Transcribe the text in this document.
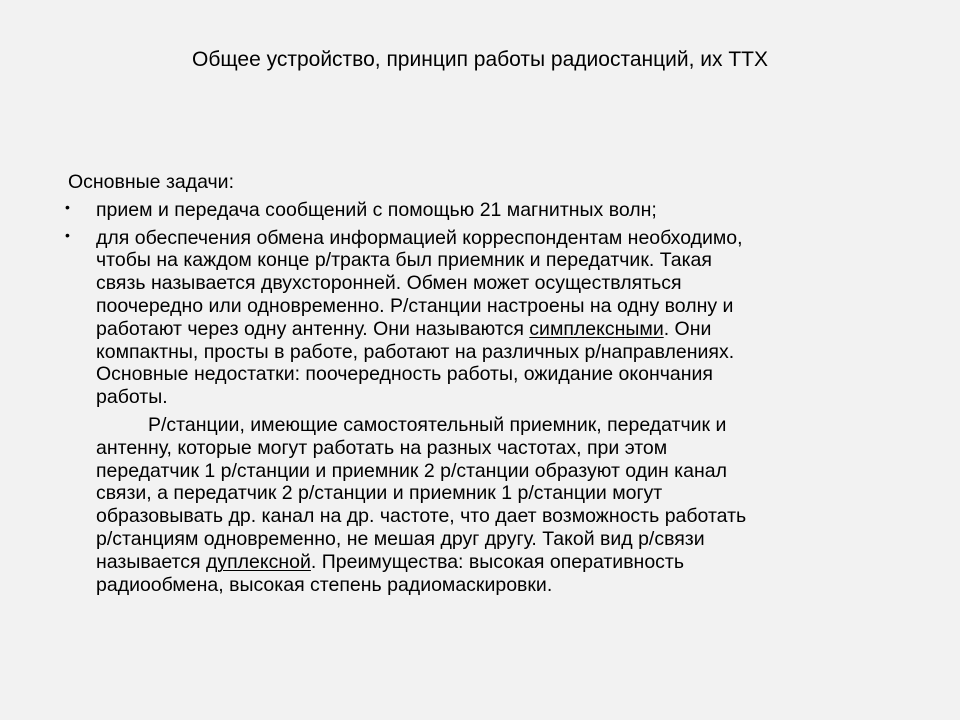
Общее устройство, принцип работы радиостанций, их ТТХ

Основные задачи:

•	прием и передача сообщений с помощью 21 магнитных волн;
•	для обеспечения обмена информацией корреспондентам необходимо,
чтобы на каждом конце р/тракта был приемник и передатчик. Такая
связь называется двухсторонней. Обмен может осуществляться
поочередно или одновременно. Р/станции настроены на одну волну и
работают через одну антенну. Они называются симплексными. Они
компактны, просты в работе, работают на различных р/направлениях.
Основные недостатки: поочередность работы, ожидание окончания
работы.
Р/станции, имеющие самостоятельный приемник, передатчик и
антенну, которые могут работать на разных частотах, при этом
передатчик 1 р/станции и приемник 2 р/станции образуют один канал
связи, а передатчик 2 р/станции и приемник 1 р/станции могут
образовывать др. канал на др. частоте, что дает возможность работать
р/станциям одновременно, не мешая друг другу. Такой вид р/связи
называется дуплексной. Преимущества: высокая оперативность
радиообмена, высокая степень радиомаскировки.
